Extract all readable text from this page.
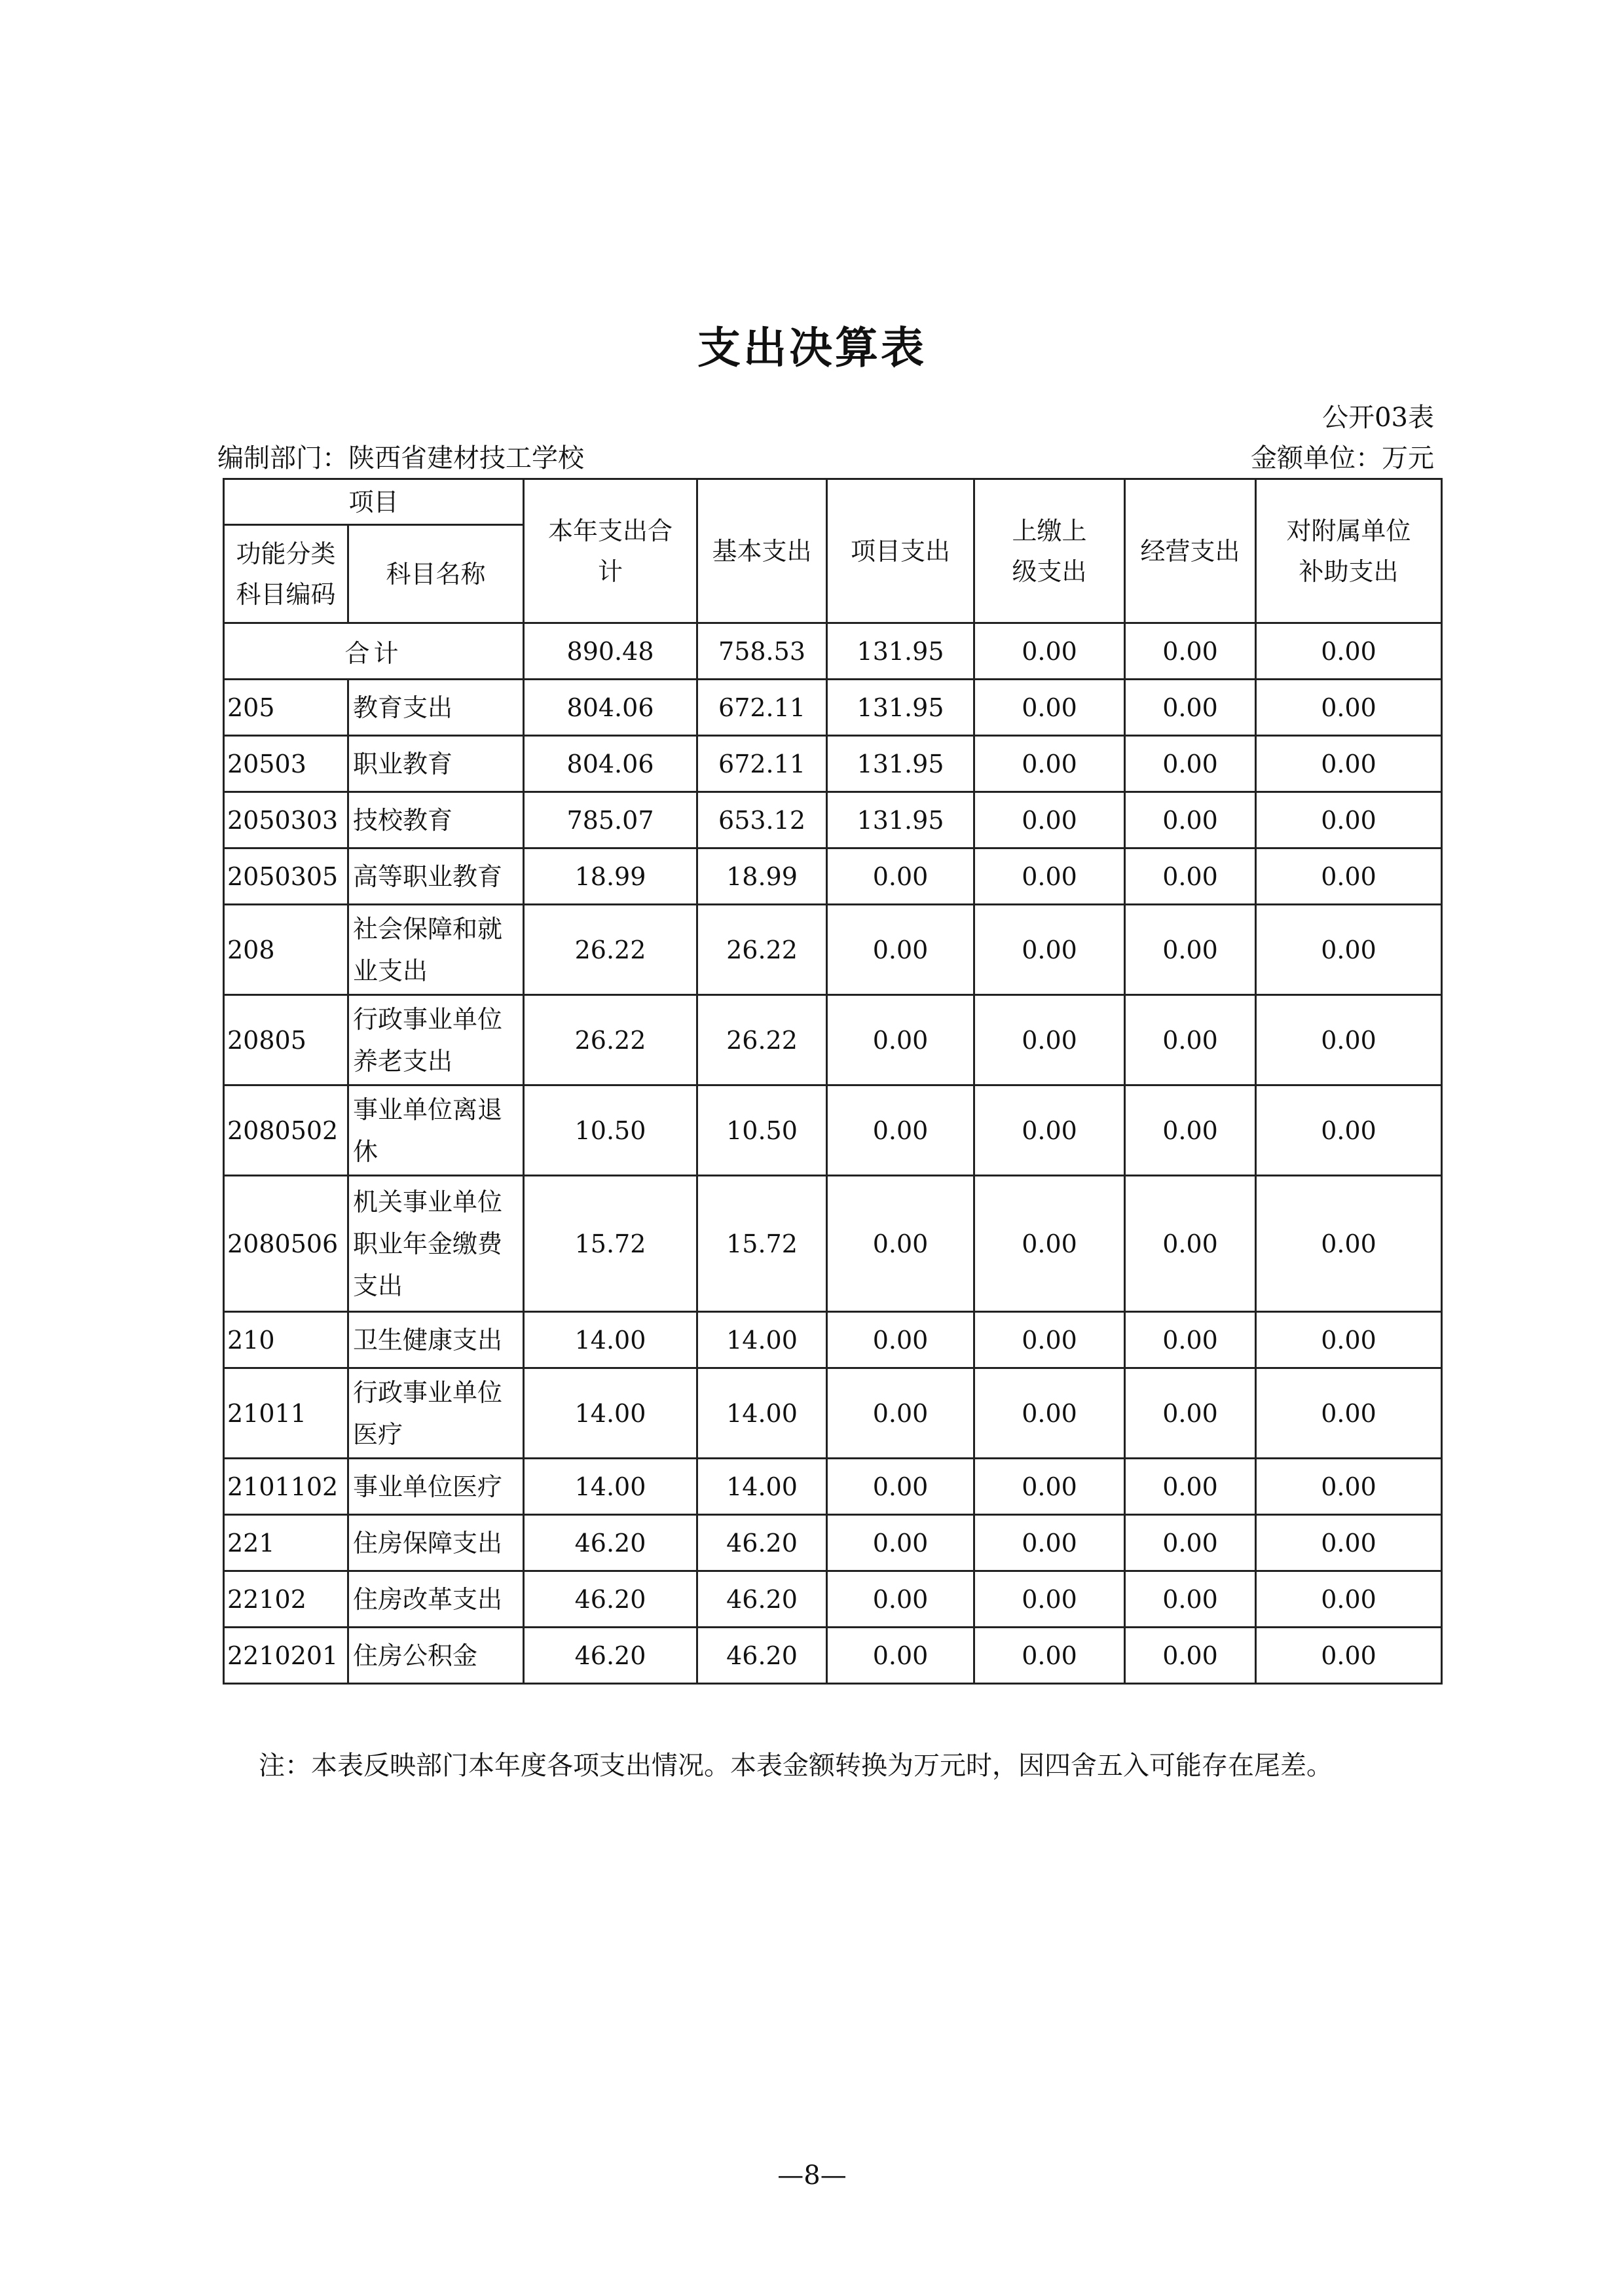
支出决算表
公开03表
编制部门：陕西省建材技工学校	金额单位：万元
项目		本年支出合计	基本支出	项目支出	上缴上级支出	经营支出	对附属单位补助支出
功能分类科目编码	科目名称						
合计		890.48	758.53	131.95	0.00	0.00	0.00
205	教育支出	804.06	672.11	131.95	0.00	0.00	0.00
20503	职业教育	804.06	672.11	131.95	0.00	0.00	0.00
2050303	技校教育	785.07	653.12	131.95	0.00	0.00	0.00
2050305	高等职业教育	18.99	18.99	0.00	0.00	0.00	0.00
208	社会保障和就业支出	26.22	26.22	0.00	0.00	0.00	0.00
20805	行政事业单位养老支出	26.22	26.22	0.00	0.00	0.00	0.00
2080502	事业单位离退休	10.50	10.50	0.00	0.00	0.00	0.00
2080506	机关事业单位职业年金缴费支出	15.72	15.72	0.00	0.00	0.00	0.00
210	卫生健康支出	14.00	14.00	0.00	0.00	0.00	0.00
21011	行政事业单位医疗	14.00	14.00	0.00	0.00	0.00	0.00
2101102	事业单位医疗	14.00	14.00	0.00	0.00	0.00	0.00
221	住房保障支出	46.20	46.20	0.00	0.00	0.00	0.00
22102	住房改革支出	46.20	46.20	0.00	0.00	0.00	0.00
2210201	住房公积金	46.20	46.20	0.00	0.00	0.00	0.00
注：本表反映部门本年度各项支出情况。本表金额转换为万元时，因四舍五入可能存在尾差。
—8—
